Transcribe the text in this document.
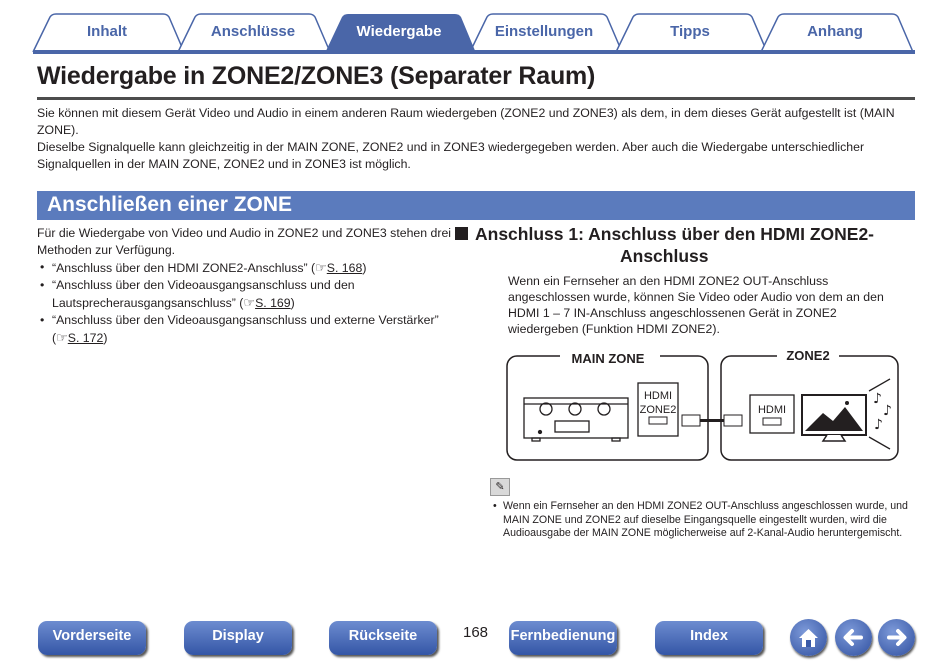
Inhalt	Anschlüsse	Wiedergabe	Einstellungen	Tipps	Anhang
Wiedergabe in ZONE2/ZONE3 (Separater Raum)
Sie können mit diesem Gerät Video und Audio in einem anderen Raum wiedergeben (ZONE2 und ZONE3) als dem, in dem dieses Gerät aufgestellt ist (MAIN ZONE).
Dieselbe Signalquelle kann gleichzeitig in der MAIN ZONE, ZONE2 und in ZONE3 wiedergegeben werden. Aber auch die Wiedergabe unterschiedlicher Signalquellen in der MAIN ZONE, ZONE2 und in ZONE3 ist möglich.
Anschließen einer ZONE
Für die Wiedergabe von Video und Audio in ZONE2 und ZONE3 stehen drei Methoden zur Verfügung.
• “Anschluss über den HDMI ZONE2-Anschluss” (☞S. 168)
• “Anschluss über den Videoausgangsanschluss und den Lautsprecherausgangsanschluss” (☞S. 169)
• “Anschluss über den Videoausgangsanschluss und externe Verstärker” (☞S. 172)
Anschluss 1: Anschluss über den HDMI ZONE2-
Anschluss
Wenn ein Fernseher an den HDMI ZONE2 OUT-Anschluss angeschlossen wurde, können Sie Video oder Audio von dem an den HDMI 1 – 7 IN-Anschluss angeschlossenen Gerät in ZONE2 wiedergeben (Funktion HDMI ZONE2).
MAIN ZONE	ZONE2
HDMI
ZONE2	HDMI
♪
♪
♪
✎
• Wenn ein Fernseher an den HDMI ZONE2 OUT-Anschluss angeschlossen wurde, und MAIN ZONE und ZONE2 auf dieselbe Eingangsquelle eingestellt wurden, wird die Audioausgabe der MAIN ZONE möglicherweise auf 2-Kanal-Audio heruntergemischt.
Vorderseite	Display	Rückseite	168 Fernbedienung	Index
